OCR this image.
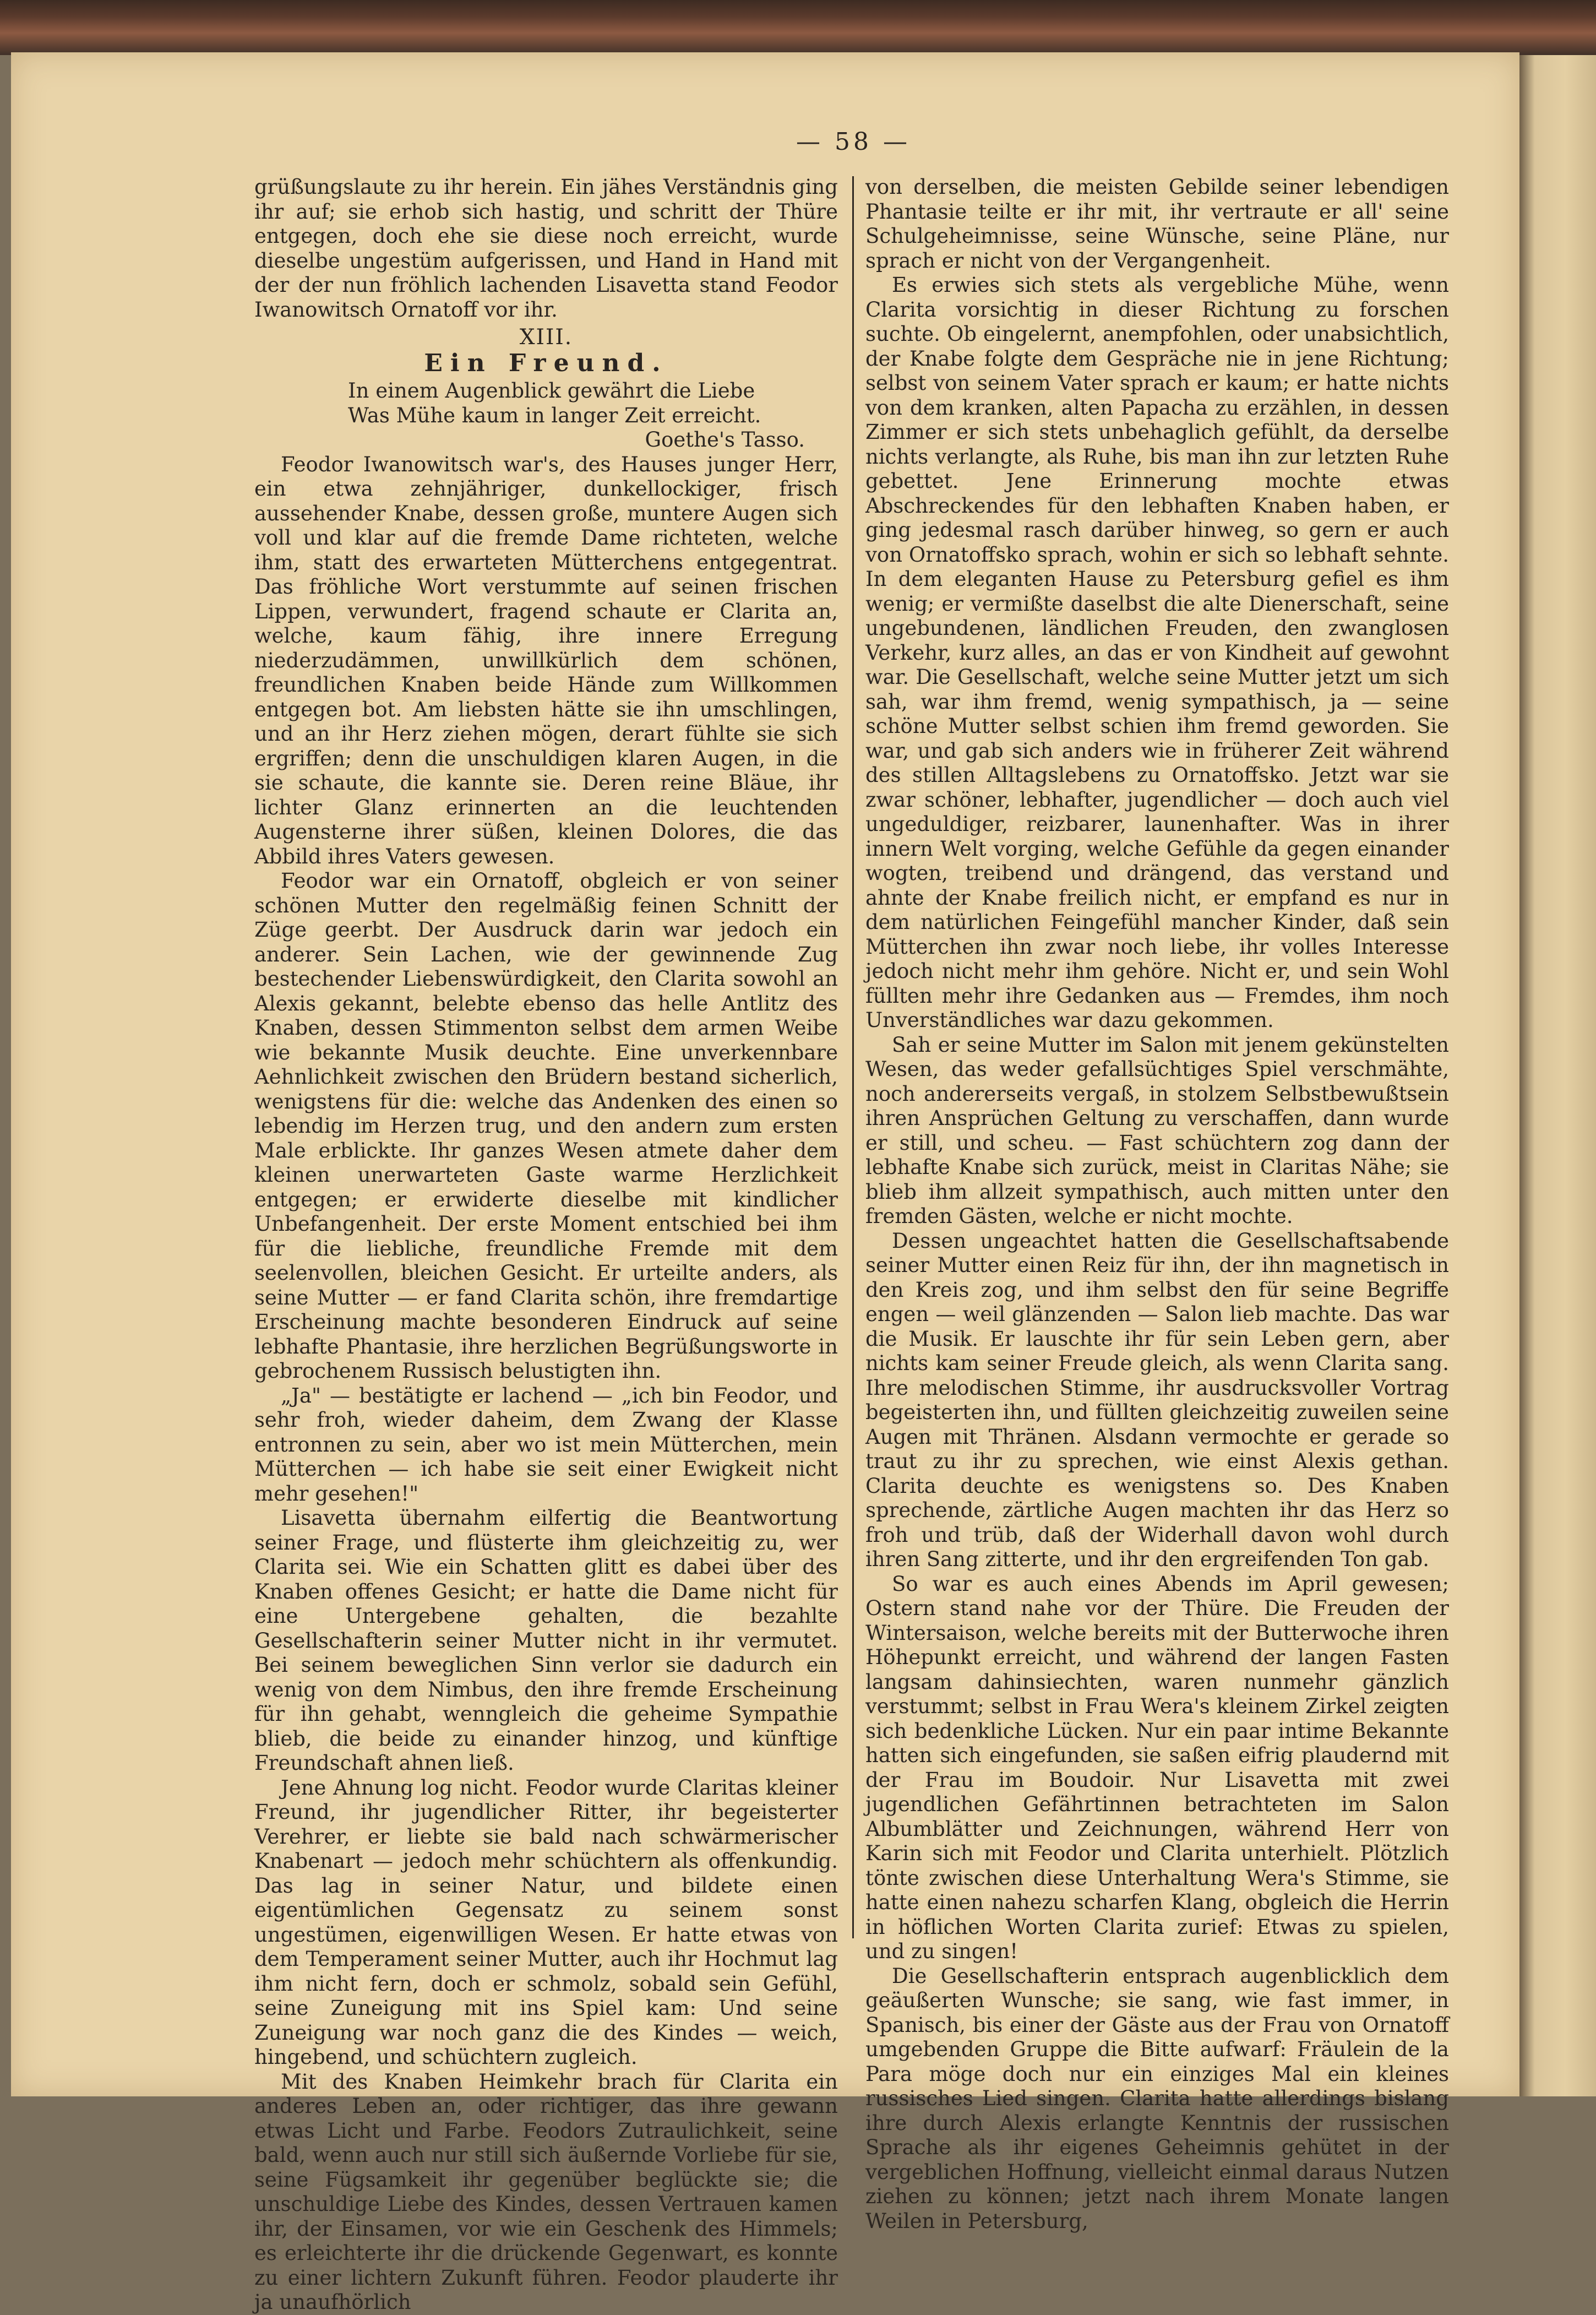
— 58 —

grüßungslaute zu ihr herein. Ein jähes Verständnis ging ihr auf; sie erhob sich hastig, und schritt der Thüre entgegen, doch ehe sie diese noch erreicht, wurde dieselbe ungestüm aufgerissen, und Hand in Hand mit der der nun fröhlich lachenden Lisavetta stand Feodor Iwanowitsch Ornatoff vor ihr.

XIII.
Ein Freund.
In einem Augenblick gewährt die Liebe
Was Mühe kaum in langer Zeit erreicht.
Goethe's Tasso.

Feodor Iwanowitsch war's, des Hauses junger Herr, ein etwa zehnjähriger, dunkellockiger, frisch aussehender Knabe, dessen große, muntere Augen sich voll und klar auf die fremde Dame richteten, welche ihm, statt des erwarteten Mütterchens entgegentrat. Das fröhliche Wort verstummte auf seinen frischen Lippen, verwundert, fragend schaute er Clarita an, welche, kaum fähig, ihre innere Erregung niederzudämmen, unwillkürlich dem schönen, freundlichen Knaben beide Hände zum Willkommen entgegen bot. Am liebsten hätte sie ihn umschlingen, und an ihr Herz ziehen mögen, derart fühlte sie sich ergriffen; denn die unschuldigen klaren Augen, in die sie schaute, die kannte sie. Deren reine Bläue, ihr lichter Glanz erinnerten an die leuchtenden Augensterne ihrer süßen, kleinen Dolores, die das Abbild ihres Vaters gewesen.

Feodor war ein Ornatoff, obgleich er von seiner schönen Mutter den regelmäßig feinen Schnitt der Züge geerbt. Der Ausdruck darin war jedoch ein anderer. Sein Lachen, wie der gewinnende Zug bestechender Liebenswürdigkeit, den Clarita sowohl an Alexis gekannt, belebte ebenso das helle Antlitz des Knaben, dessen Stimmenton selbst dem armen Weibe wie bekannte Musik deuchte. Eine unverkennbare Aehnlichkeit zwischen den Brüdern bestand sicherlich, wenigstens für die: welche das Andenken des einen so lebendig im Herzen trug, und den andern zum ersten Male erblickte. Ihr ganzes Wesen atmete daher dem kleinen unerwarteten Gaste warme Herzlichkeit entgegen; er erwiderte dieselbe mit kindlicher Unbefangenheit. Der erste Moment entschied bei ihm für die liebliche, freundliche Fremde mit dem seelenvollen, bleichen Gesicht. Er urteilte anders, als seine Mutter — er fand Clarita schön, ihre fremdartige Erscheinung machte besonderen Eindruck auf seine lebhafte Phantasie, ihre herzlichen Begrüßungsworte in gebrochenem Russisch belustigten ihn.

„Ja" — bestätigte er lachend — „ich bin Feodor, und sehr froh, wieder daheim, dem Zwang der Klasse entronnen zu sein, aber wo ist mein Mütterchen, mein Mütterchen — ich habe sie seit einer Ewigkeit nicht mehr gesehen!"

Lisavetta übernahm eilfertig die Beantwortung seiner Frage, und flüsterte ihm gleichzeitig zu, wer Clarita sei. Wie ein Schatten glitt es dabei über des Knaben offenes Gesicht; er hatte die Dame nicht für eine Untergebene gehalten, die bezahlte Gesellschafterin seiner Mutter nicht in ihr vermutet. Bei seinem beweglichen Sinn verlor sie dadurch ein wenig von dem Nimbus, den ihre fremde Erscheinung für ihn gehabt, wenngleich die geheime Sympathie blieb, die beide zu einander hinzog, und künftige Freundschaft ahnen ließ.

Jene Ahnung log nicht. Feodor wurde Claritas kleiner Freund, ihr jugendlicher Ritter, ihr begeisterter Verehrer, er liebte sie bald nach schwärmerischer Knabenart — jedoch mehr schüchtern als offenkundig. Das lag in seiner Natur, und bildete einen eigentümlichen Gegensatz zu seinem sonst ungestümen, eigenwilligen Wesen. Er hatte etwas von dem Temperament seiner Mutter, auch ihr Hochmut lag ihm nicht fern, doch er schmolz, sobald sein Gefühl, seine Zuneigung mit ins Spiel kam: Und seine Zuneigung war noch ganz die des Kindes — weich, hingebend, und schüchtern zugleich.

Mit des Knaben Heimkehr brach für Clarita ein anderes Leben an, oder richtiger, das ihre gewann etwas Licht und Farbe. Feodors Zutraulichkeit, seine bald, wenn auch nur still sich äußernde Vorliebe für sie, seine Fügsamkeit ihr gegenüber beglückte sie; die unschuldige Liebe des Kindes, dessen Vertrauen kamen ihr, der Einsamen, vor wie ein Geschenk des Himmels; es erleichterte ihr die drückende Gegenwart, es konnte zu einer lichtern Zukunft führen. Feodor plauderte ihr ja unaufhörlich

von derselben, die meisten Gebilde seiner lebendigen Phantasie teilte er ihr mit, ihr vertraute er all' seine Schulgeheimnisse, seine Wünsche, seine Pläne, nur sprach er nicht von der Vergangenheit.

Es erwies sich stets als vergebliche Mühe, wenn Clarita vorsichtig in dieser Richtung zu forschen suchte. Ob eingelernt, anempfohlen, oder unabsichtlich, der Knabe folgte dem Gespräche nie in jene Richtung; selbst von seinem Vater sprach er kaum; er hatte nichts von dem kranken, alten Papacha zu erzählen, in dessen Zimmer er sich stets unbehaglich gefühlt, da derselbe nichts verlangte, als Ruhe, bis man ihn zur letzten Ruhe gebettet. Jene Erinnerung mochte etwas Abschreckendes für den lebhaften Knaben haben, er ging jedesmal rasch darüber hinweg, so gern er auch von Ornatoffsko sprach, wohin er sich so lebhaft sehnte. In dem eleganten Hause zu Petersburg gefiel es ihm wenig; er vermißte daselbst die alte Dienerschaft, seine ungebundenen, ländlichen Freuden, den zwanglosen Verkehr, kurz alles, an das er von Kindheit auf gewohnt war. Die Gesellschaft, welche seine Mutter jetzt um sich sah, war ihm fremd, wenig sympathisch, ja — seine schöne Mutter selbst schien ihm fremd geworden. Sie war, und gab sich anders wie in früherer Zeit während des stillen Alltagslebens zu Ornatoffsko. Jetzt war sie zwar schöner, lebhafter, jugendlicher — doch auch viel ungeduldiger, reizbarer, launenhafter. Was in ihrer innern Welt vorging, welche Gefühle da gegen einander wogten, treibend und drängend, das verstand und ahnte der Knabe freilich nicht, er empfand es nur in dem natürlichen Feingefühl mancher Kinder, daß sein Mütterchen ihn zwar noch liebe, ihr volles Interesse jedoch nicht mehr ihm gehöre. Nicht er, und sein Wohl füllten mehr ihre Gedanken aus — Fremdes, ihm noch Unverständliches war dazu gekommen.

Sah er seine Mutter im Salon mit jenem gekünstelten Wesen, das weder gefallsüchtiges Spiel verschmähte, noch andererseits vergaß, in stolzem Selbstbewußtsein ihren Ansprüchen Geltung zu verschaffen, dann wurde er still, und scheu. — Fast schüchtern zog dann der lebhafte Knabe sich zurück, meist in Claritas Nähe; sie blieb ihm allzeit sympathisch, auch mitten unter den fremden Gästen, welche er nicht mochte.

Dessen ungeachtet hatten die Gesellschaftsabende seiner Mutter einen Reiz für ihn, der ihn magnetisch in den Kreis zog, und ihm selbst den für seine Begriffe engen — weil glänzenden — Salon lieb machte. Das war die Musik. Er lauschte ihr für sein Leben gern, aber nichts kam seiner Freude gleich, als wenn Clarita sang. Ihre melodischen Stimme, ihr ausdrucksvoller Vortrag begeisterten ihn, und füllten gleichzeitig zuweilen seine Augen mit Thränen. Alsdann vermochte er gerade so traut zu ihr zu sprechen, wie einst Alexis gethan. Clarita deuchte es wenigstens so. Des Knaben sprechende, zärtliche Augen machten ihr das Herz so froh und trüb, daß der Widerhall davon wohl durch ihren Sang zitterte, und ihr den ergreifenden Ton gab.

So war es auch eines Abends im April gewesen; Ostern stand nahe vor der Thüre. Die Freuden der Wintersaison, welche bereits mit der Butterwoche ihren Höhepunkt erreicht, und während der langen Fasten langsam dahinsiechten, waren nunmehr gänzlich verstummt; selbst in Frau Wera's kleinem Zirkel zeigten sich bedenkliche Lücken. Nur ein paar intime Bekannte hatten sich eingefunden, sie saßen eifrig plaudernd mit der Frau im Boudoir. Nur Lisavetta mit zwei jugendlichen Gefährtinnen betrachteten im Salon Albumblätter und Zeichnungen, während Herr von Karin sich mit Feodor und Clarita unterhielt. Plötzlich tönte zwischen diese Unterhaltung Wera's Stimme, sie hatte einen nahezu scharfen Klang, obgleich die Herrin in höflichen Worten Clarita zurief: Etwas zu spielen, und zu singen!

Die Gesellschafterin entsprach augenblicklich dem geäußerten Wunsche; sie sang, wie fast immer, in Spanisch, bis einer der Gäste aus der Frau von Ornatoff umgebenden Gruppe die Bitte aufwarf: Fräulein de la Para möge doch nur ein einziges Mal ein kleines russisches Lied singen. Clarita hatte allerdings bislang ihre durch Alexis erlangte Kenntnis der russischen Sprache als ihr eigenes Geheimnis gehütet in der vergeblichen Hoffnung, vielleicht einmal daraus Nutzen ziehen zu können; jetzt nach ihrem Monate langen Weilen in Petersburg,
